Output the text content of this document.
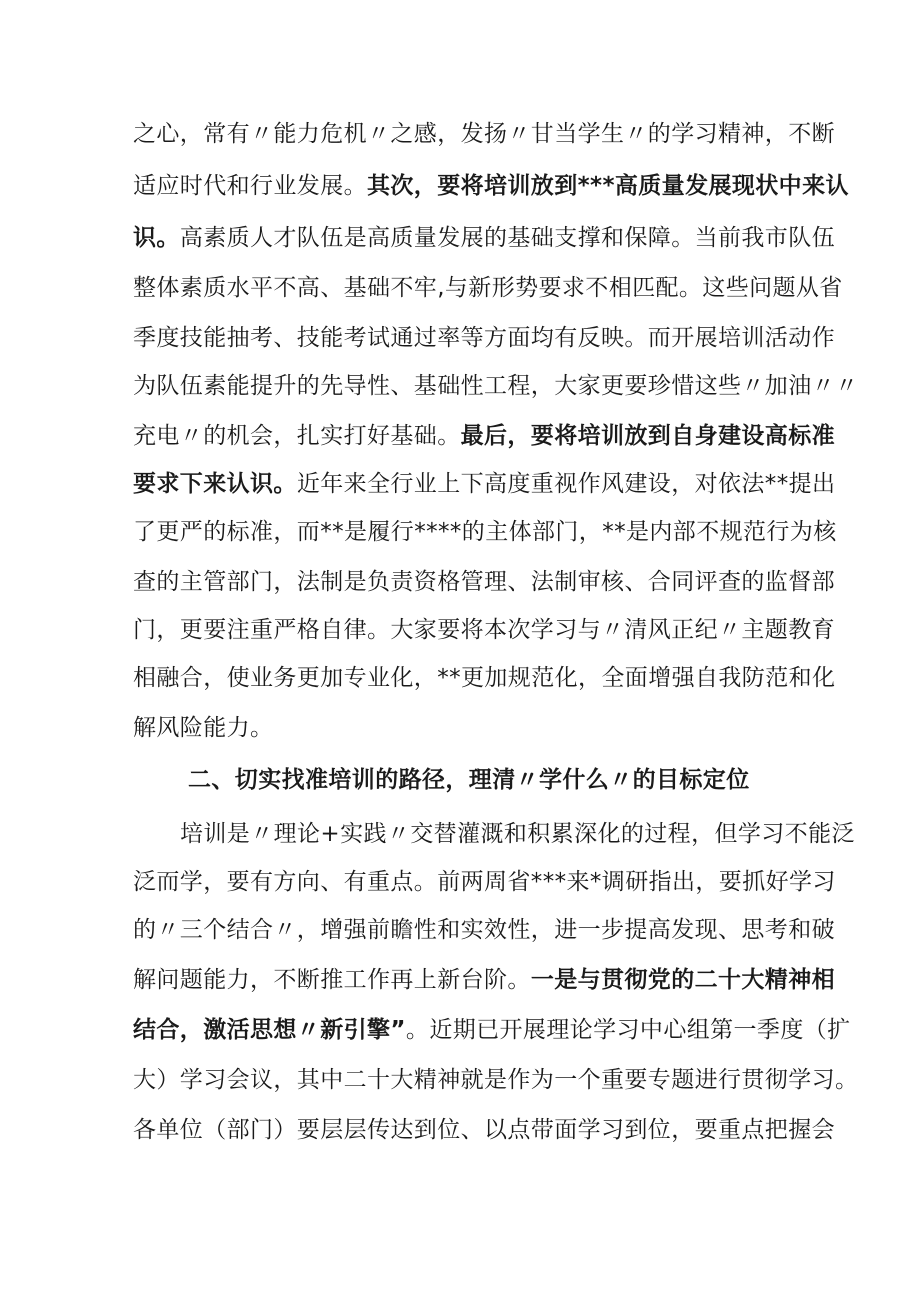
之心，常有〃能力危机〃之感，发扬〃甘当学生〃的学习精神，不断
适应时代和行业发展。其次，要将培训放到***高质量发展现状中来认
识。高素质人才队伍是高质量发展的基础支撑和保障。当前我市队伍
整体素质水平不高、基础不牢,与新形势要求不相匹配。这些问题从省
季度技能抽考、技能考试通过率等方面均有反映。而开展培训活动作
为队伍素能提升的先导性、基础性工程，大家更要珍惜这些〃加油〃〃
充电〃的机会，扎实打好基础。最后，要将培训放到自身建设高标准
要求下来认识。近年来全行业上下高度重视作风建设，对依法**提出
了更严的标准，而**是履行****的主体部门，**是内部不规范行为核
查的主管部门，法制是负责资格管理、法制审核、合同评查的监督部
门，更要注重严格自律。大家要将本次学习与〃清风正纪〃主题教育
相融合，使业务更加专业化，**更加规范化，全面增强自我防范和化
解风险能力。
二、切实找准培训的路径，理清〃学什么〃的目标定位
培训是〃理论+实践〃交替灌溉和积累深化的过程，但学习不能泛
泛而学，要有方向、有重点。前两周省***来*调研指出，要抓好学习
的〃三个结合〃，增强前瞻性和实效性，进一步提高发现、思考和破
解问题能力，不断推工作再上新台阶。一是与贯彻党的二十大精神相
结合，激活思想〃新引擎”。近期已开展理论学习中心组第一季度（扩
大）学习会议，其中二十大精神就是作为一个重要专题进行贯彻学习。
各单位（部门）要层层传达到位、以点带面学习到位，要重点把握会
